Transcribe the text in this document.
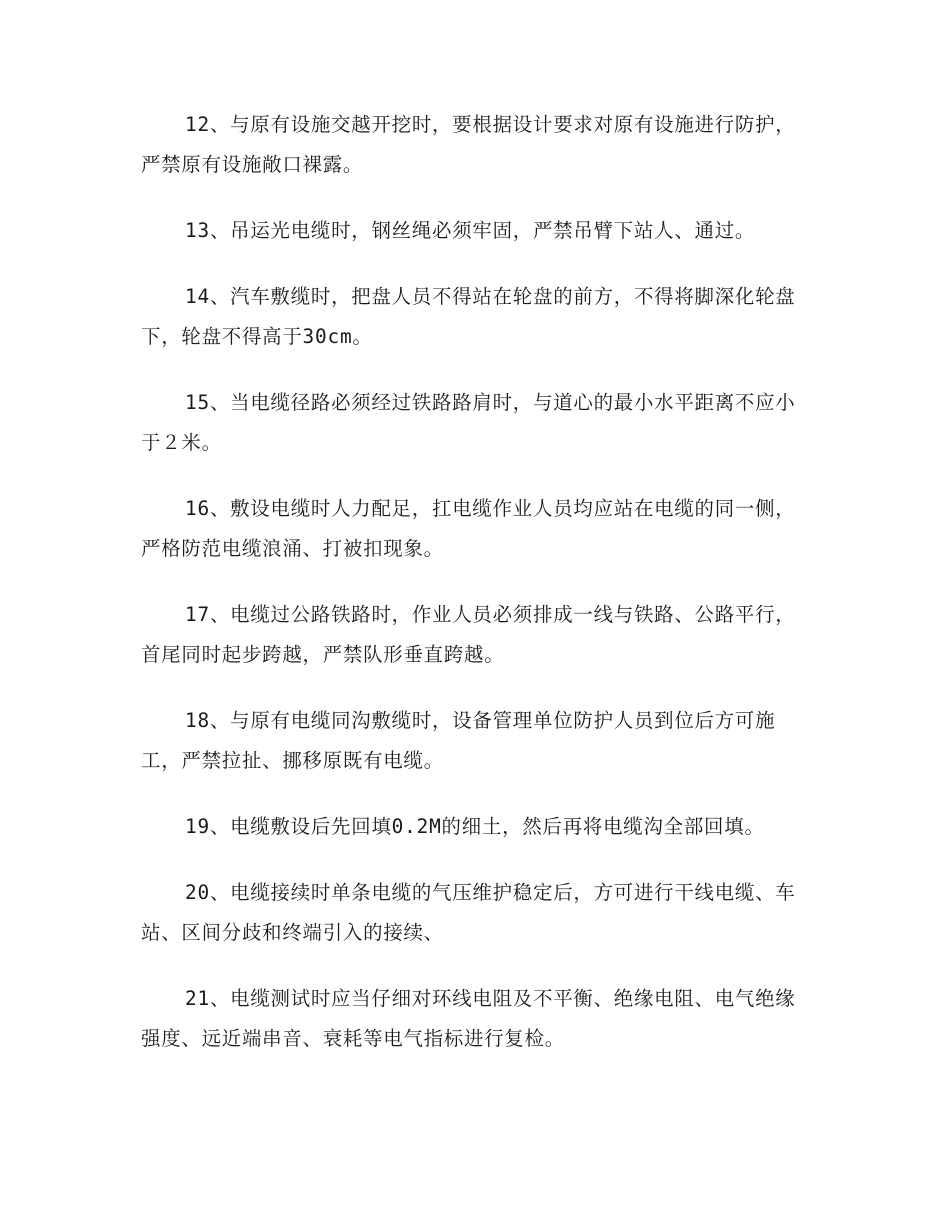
12、与原有设施交越开挖时，要根据设计要求对原有设施进行防护，严禁原有设施敞口裸露。

13、吊运光电缆时，钢丝绳必须牢固，严禁吊臂下站人、通过。

14、汽车敷缆时，把盘人员不得站在轮盘的前方，不得将脚深化轮盘下，轮盘不得高于30cm。

15、当电缆径路必须经过铁路路肩时，与道心的最小水平距离不应小于２米。

16、敷设电缆时人力配足，扛电缆作业人员均应站在电缆的同一侧，严格防范电缆浪涌、打被扣现象。

17、电缆过公路铁路时，作业人员必须排成一线与铁路、公路平行，首尾同时起步跨越，严禁队形垂直跨越。

18、与原有电缆同沟敷缆时，设备管理单位防护人员到位后方可施工，严禁拉扯、挪移原既有电缆。

19、电缆敷设后先回填0.2M的细土，然后再将电缆沟全部回填。

20、电缆接续时单条电缆的气压维护稳定后，方可进行干线电缆、车站、区间分歧和终端引入的接续、

21、电缆测试时应当仔细对环线电阻及不平衡、绝缘电阻、电气绝缘强度、远近端串音、衰耗等电气指标进行复检。
